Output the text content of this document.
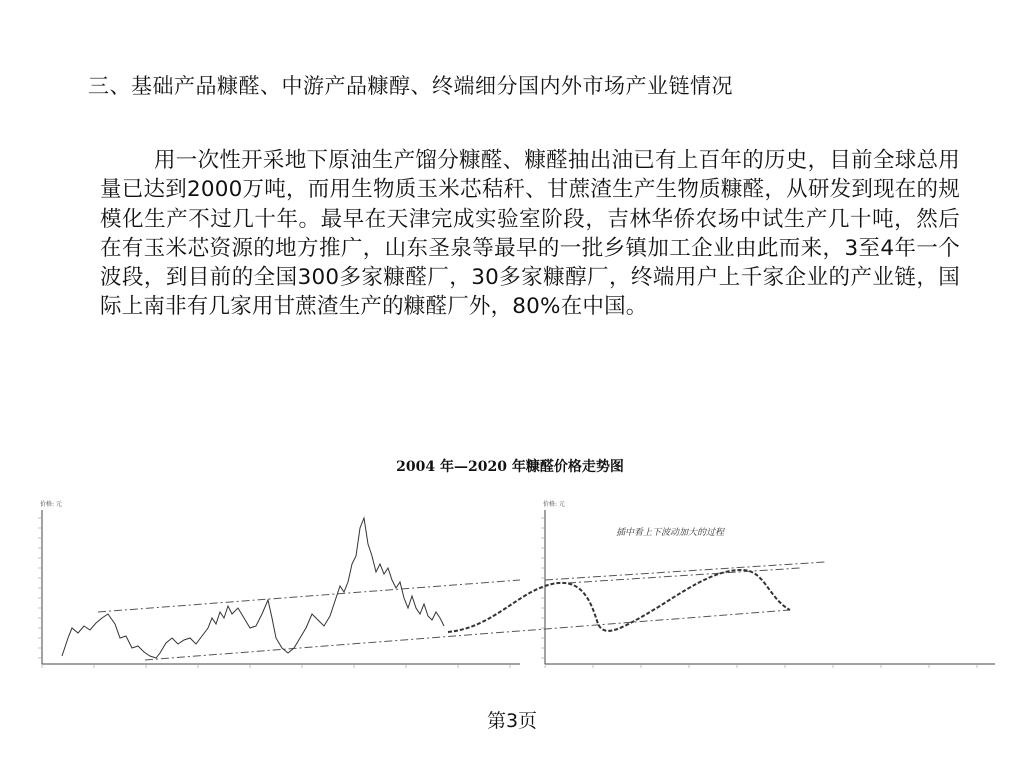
三、基础产品糠醛、中游产品糠醇、终端细分国内外市场产业链情况
用一次性开采地下原油生产馏分糠醛、糠醛抽出油已有上百年的历史，目前全球总用量已达到2000万吨，而用生物质玉米芯秸秆、甘蔗渣生产生物质糠醛，从研发到现在的规模化生产不过几十年。最早在天津完成实验室阶段，吉林华侨农场中试生产几十吨，然后在有玉米芯资源的地方推广，山东圣泉等最早的一批乡镇加工企业由此而来，3至4年一个波段，到目前的全国300多家糠醛厂，30多家糠醇厂，终端用户上千家企业的产业链，国际上南非有几家用甘蔗渣生产的糠醛厂外，80%在中国。
2004 年—2020 年糠醛价格走势图
价格: 元	价格: 元
插中看上下波动加大的过程
第3页
